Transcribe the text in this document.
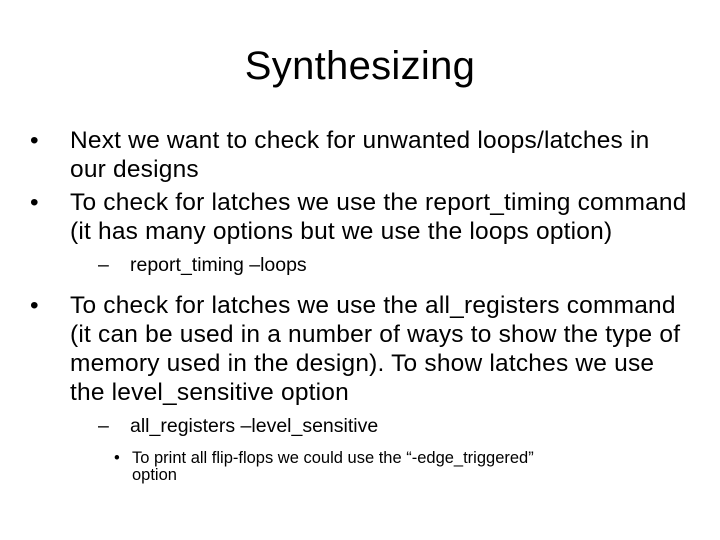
Synthesizing
• Next we want to check for unwanted loops/latches in our designs
• To check for latches we use the report_timing command (it has many options but we use the loops option)
– report_timing –loops
• To check for latches we use the all_registers command (it can be used in a number of ways to show the type of memory used in the design). To show latches we use the level_sensitive option
– all_registers –level_sensitive
• To print all flip-flops we could use the “-edge_triggered” option
